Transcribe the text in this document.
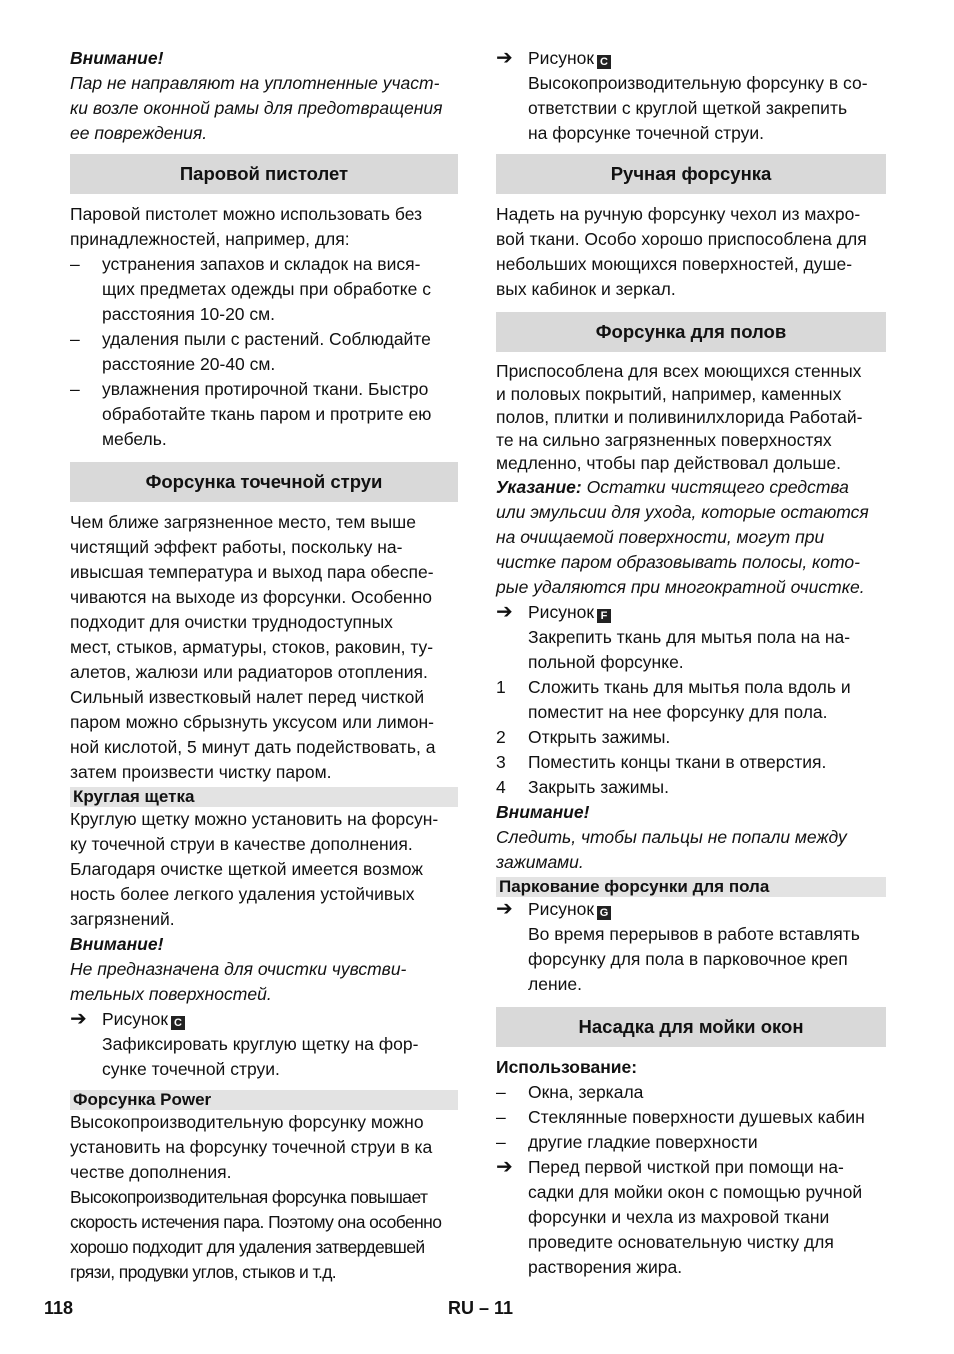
Внимание!

Пар не направляют на уплотненные участ-
ки возле оконной рамы для предотвращения
ее повреждения.

Паровой пистолет

Паровой пистолет можно использовать без
принадлежностей, например, для:

–	устранения запахов и складок на вися-
щих предметах одежды при обработке с
расстояния 10-20 см.
–	удаления пыли с растений. Соблюдайте
расстояние 20-40 см.
–	увлажнения протирочной ткани. Быстро
обработайте ткань паром и протрите ею
мебель.
Форсунка точечной струи

Чем ближе загрязненное место, тем выше
чистящий эффект работы, поскольку на-
ивысшая температура и выход пара обеспе-
чиваются на выходе из форсунки. Особенно
подходит для очистки труднодоступных
мест, стыков, арматуры, стоков, раковин, ту-
алетов, жалюзи или радиаторов отопления.
Сильный известковый налет перед чисткой
паром можно сбрызнуть уксусом или лимон-
ной кислотой, 5 минут дать подействовать, а
затем произвести чистку паром.

Круглая щетка

Круглую щетку можно установить на форсун-
ку точечной струи в качестве дополнения.
Благодаря очистке щеткой имеется возмож
ность более легкого удаления устойчивых
загрязнений.

Внимание!

Не предназначена для очистки чувстви-
тельных поверхностей.

➔ Рисунок C
Зафиксировать круглую щетку на фор-
сунке точечной струи.
Форсунка Power

Высокопроизводительную форсунку можно
установить на форсунку точечной струи в ка
честве дополнения.

Высокопроизводительная форсунка повышает
скорость истечения пара. Поэтому она особенно
хорошо подходит для удаления затвердевшей
грязи, продувки углов, стыков и т.д.

➔ Рисунок C
Высокопроизводительную форсунку в со-
ответствии с круглой щеткой закрепить
на форсунке точечной струи.
Ручная форсунка

Надеть на ручную форсунку чехол из махро-
вой ткани. Особо хорошо приспособлена для
небольших моющихся поверхностей, душе-
вых кабинок и зеркал.

Форсунка для полов

Приспособлена для всех моющихся стенных
и половых покрытий, например, каменных
полов, плитки и поливинилхлорида Работай-
те на сильно загрязненных поверхностях
медленно, чтобы пар действовал дольше.

Указание: Остатки чистящего средства
или эмульсии для ухода, которые остаются
на очищаемой поверхности, могут при
чистке паром образовывать полосы, кото-
рые удаляются при многократной очистке.

➔ Рисунок F
Закрепить ткань для мытья пола на на-
польной форсунке.
1	Сложить ткань для мытья пола вдоль и
поместит на нее форсунку для пола.
2	Открыть зажимы.
3	Поместить концы ткани в отверстия.
4	Закрыть зажимы.

Внимание!

Следить, чтобы пальцы не попали между
зажимами.

Паркование форсунки для пола
➔ Рисунок G
Во время перерывов в работе вставлять
форсунку для пола в парковочное креп
ление.
Насадка для мойки окон

Использование:

–	Окна, зеркала
–	Стеклянные поверхности душевых кабин
–	другие гладкие поверхности
➔ Перед первой чисткой при помощи на-
садки для мойки окон с помощью ручной
форсунки и чехла из махровой ткани
проведите основательную чистку для
растворения жира.
118	RU – 11
